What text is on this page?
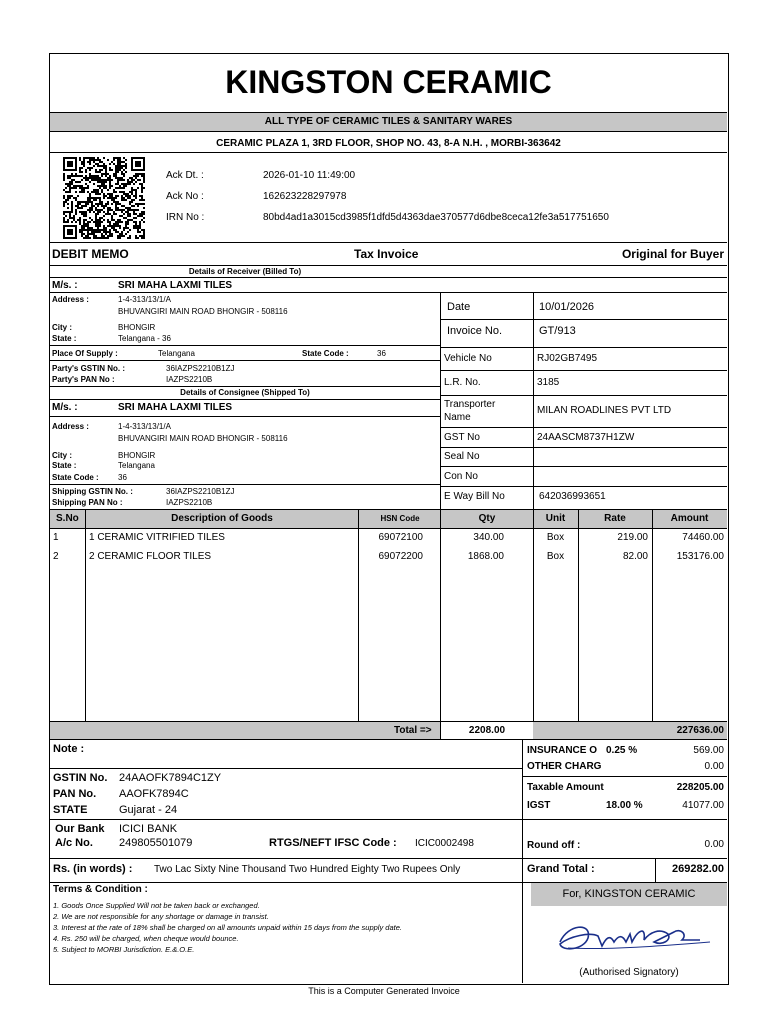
KINGSTON CERAMIC
ALL TYPE OF CERAMIC TILES & SANITARY WARES
CERAMIC PLAZA 1, 3RD FLOOR, SHOP NO. 43, 8-A N.H. , MORBI-363642
Ack Dt. :	2026-01-10 11:49:00
Ack No :	162623228297978
IRN No :	80bd4ad1a3015cd3985f1dfd5d4363dae370577d6dbe8ceca12fe3a517751650
DEBIT MEMO	Tax Invoice	Original for Buyer
Details of Receiver (Billed To)
M/s. :	SRI MAHA LAXMI TILES
Address :	1-4-313/13/1/A
BHUVANGIRI MAIN ROAD BHONGIR - 508116
City :	BHONGIR
State :	Telangana - 36
Place Of Supply :	Telangana	State Code :	36
Party's GSTIN No. :	36IAZPS2210B1ZJ
Party's PAN No :	IAZPS2210B
Details of Consignee (Shipped To)
M/s. :	SRI MAHA LAXMI TILES
Address :	1-4-313/13/1/A
BHUVANGIRI MAIN ROAD BHONGIR - 508116
City :	BHONGIR
State :	Telangana
State Code : 36
Shipping GSTIN No. :	36IAZPS2210B1ZJ
Shipping PAN No :	IAZPS2210B
Date	10/01/2026
Invoice No.	GT/913
Vehicle No	RJ02GB7495
L.R. No.	3185
Transporter
Name
MILAN ROADLINES PVT LTD
GST No	24AASCM8737H1ZW
Seal No
Con No
E Way Bill No	642036993651
S.No	Description of Goods	HSN Code	Qty	Unit	Rate	Amount
1	1 CERAMIC VITRIFIED TILES	69072100	340.00	Box	219.00	74460.00
2	2 CERAMIC FLOOR TILES	69072200	1868.00	Box	82.00	153176.00
Total =>	2208.00	227636.00
Note :
GSTIN No. 24AAOFK7894C1ZY
PAN No. AAOFK7894C
STATE	Gujarat - 24
Our Bank ICICI BANK
A/c No. 249805501079	RTGS/NEFT IFSC Code : ICIC0002498
Rs. (in words) : Two Lac Sixty Nine Thousand Two Hundred Eighty Two Rupees Only
INSURANCE O 0.25 %	569.00
OTHER CHARG	0.00
Taxable Amount	228205.00
IGST	18.00 %	41077.00
Round off :	0.00
Grand Total :	269282.00
Terms & Condition :
1. Goods Once Supplied Will not be taken back or exchanged.
2. We are not responsible for any shortage or damage in transist.
3. Interest at the rate of 18% shall be charged on all amounts unpaid within 15 days from the supply date.
4. Rs. 250 will be charged, when cheque would bounce.
5. Subject to MORBI Jurisdiction. E.&.O.E.
For, KINGSTON CERAMIC
(Authorised Signatory)
This is a Computer Generated Invoice
